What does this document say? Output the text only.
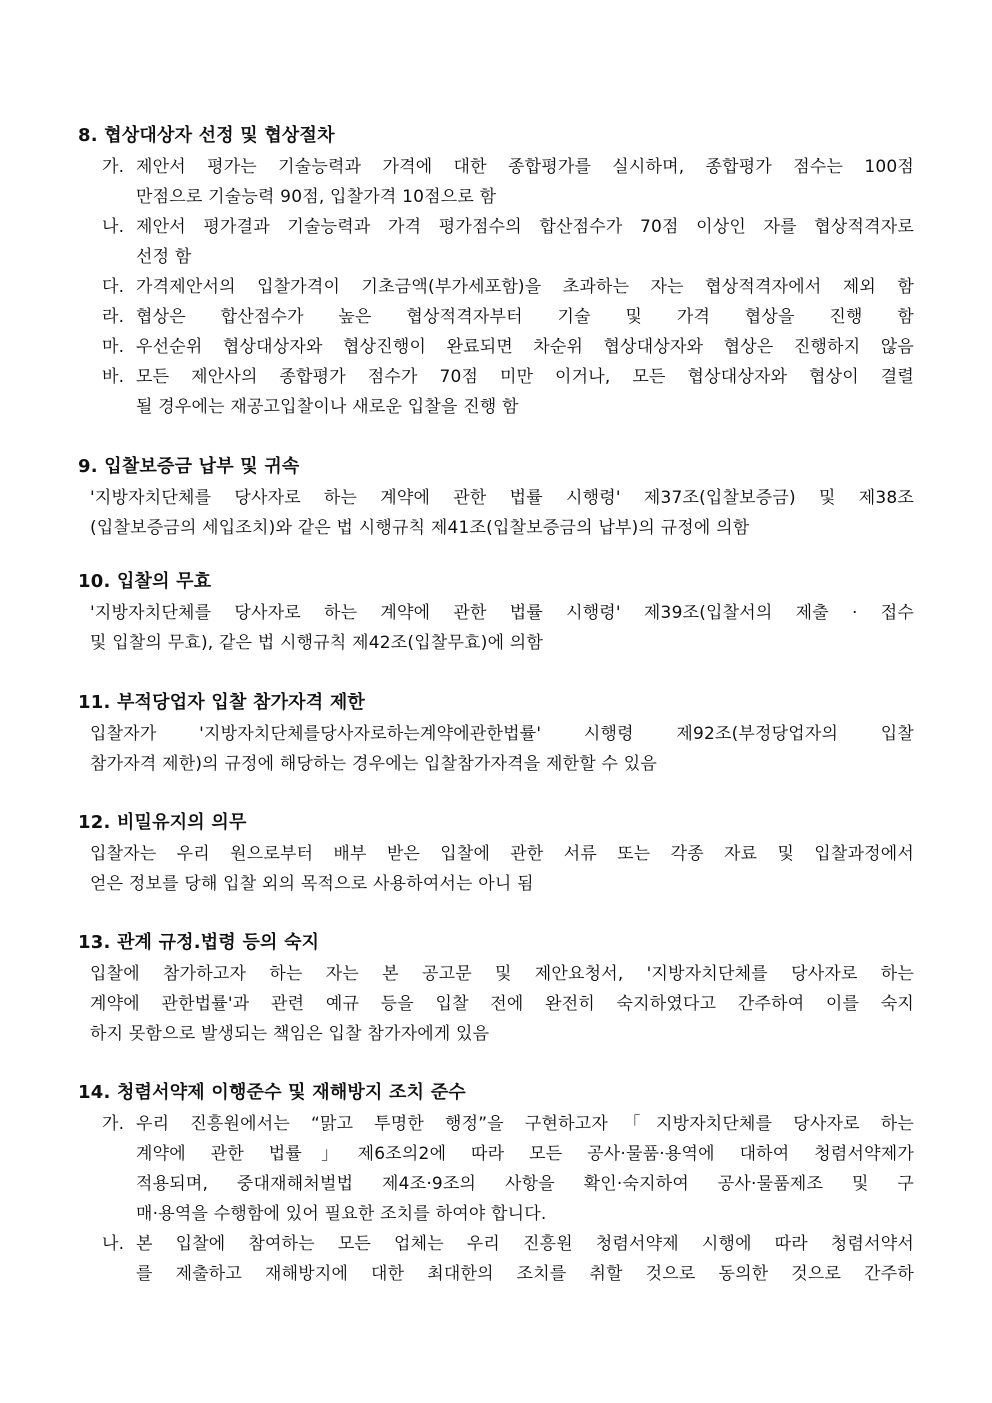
8. 협상대상자 선정 및 협상절차
가. 제안서 평가는 기술능력과 가격에 대한 종합평가를 실시하며, 종합평가 점수는 100점
만점으로 기술능력 90점, 입찰가격 10점으로 함
나. 제안서 평가결과 기술능력과 가격 평가점수의 합산점수가 70점 이상인 자를 협상적격자로
선정 함
다. 가격제안서의 입찰가격이 기초금액(부가세포함)을 초과하는 자는 협상적격자에서 제외 함
라. 협상은 합산점수가 높은 협상적격자부터 기술 및 가격 협상을 진행 함
마. 우선순위 협상대상자와 협상진행이 완료되면 차순위 협상대상자와 협상은 진행하지 않음
바. 모든 제안사의 종합평가 점수가 70점 미만 이거나, 모든 협상대상자와 협상이 결렬
될 경우에는 재공고입찰이나 새로운 입찰을 진행 함
9. 입찰보증금 납부 및 귀속
'지방자치단체를 당사자로 하는 계약에 관한 법률 시행령' 제37조(입찰보증금) 및 제38조
(입찰보증금의 세입조치)와 같은 법 시행규칙 제41조(입찰보증금의 납부)의 규정에 의함
10. 입찰의 무효
'지방자치단체를 당사자로 하는 계약에 관한 법률 시행령' 제39조(입찰서의 제출 · 접수
및 입찰의 무효), 같은 법 시행규칙 제42조(입찰무효)에 의함
11. 부적당업자 입찰 참가자격 제한
입찰자가 '지방자치단체를당사자로하는계약에관한법률' 시행령 제92조(부정당업자의 입찰
참가자격 제한)의 규정에 해당하는 경우에는 입찰참가자격을 제한할 수 있음
12. 비밀유지의 의무
입찰자는 우리 원으로부터 배부 받은 입찰에 관한 서류 또는 각종 자료 및 입찰과정에서
얻은 정보를 당해 입찰 외의 목적으로 사용하여서는 아니 됨
13. 관계 규정.법령 등의 숙지
입찰에 참가하고자 하는 자는 본 공고문 및 제안요청서, '지방자치단체를 당사자로 하는
계약에 관한법률'과 관련 예규 등을 입찰 전에 완전히 숙지하였다고 간주하여 이를 숙지
하지 못함으로 발생되는 책임은 입찰 참가자에게 있음
14. 청렴서약제 이행준수 및 재해방지 조치 준수
가. 우리 진흥원에서는 “맑고 투명한 행정”을 구현하고자「지방자치단체를 당사자로 하는
계약에 관한 법률」제6조의2에 따라 모든 공사·물품·용역에 대하여 청렴서약제가
적용되며, 중대재해처벌법 제4조·9조의 사항을 확인·숙지하여 공사·물품제조 및 구
매·용역을 수행함에 있어 필요한 조치를 하여야 합니다.
나. 본 입찰에 참여하는 모든 업체는 우리 진흥원 청렴서약제 시행에 따라 청렴서약서
를 제출하고 재해방지에 대한 최대한의 조치를 취할 것으로 동의한 것으로 간주하
